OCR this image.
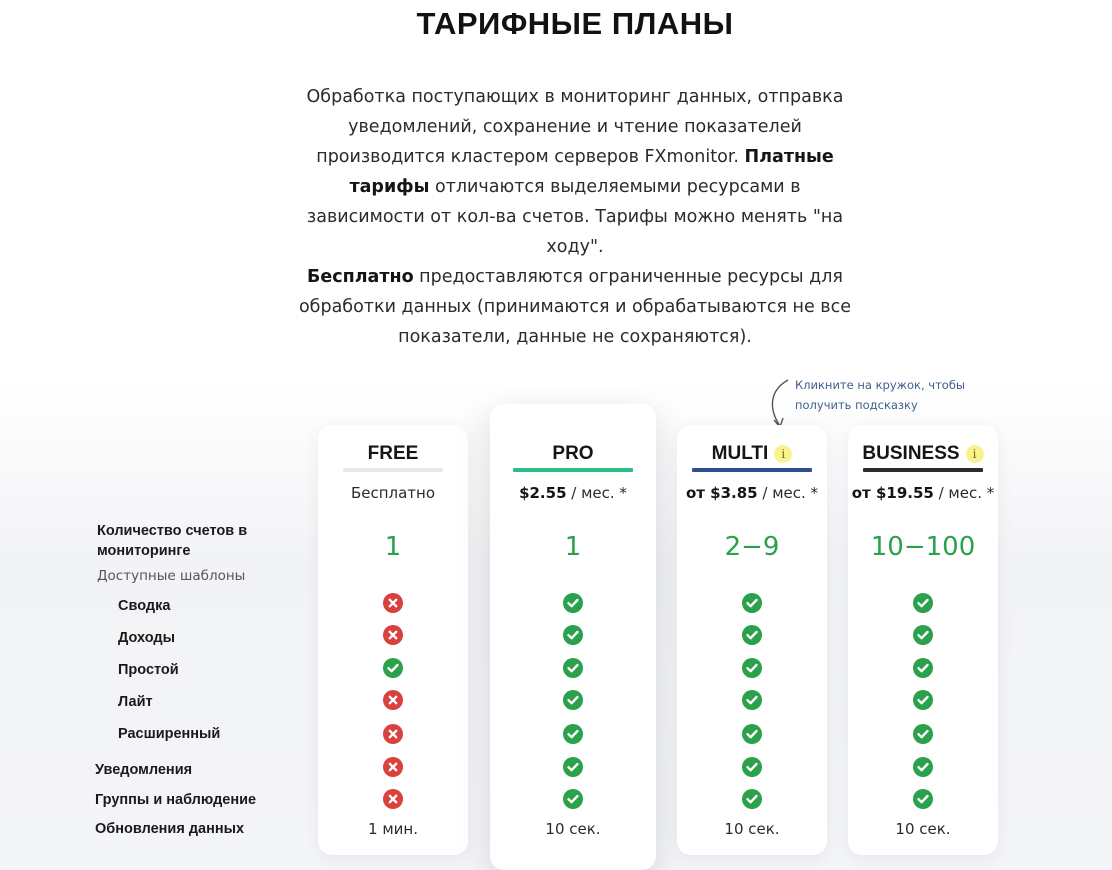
ТАРИФНЫЕ ПЛАНЫ
Обработка поступающих в мониторинг данных, отправка уведомлений, сохранение и чтение показателей производится кластером серверов FXmonitor. Платные тарифы отличаются выделяемыми ресурсами в зависимости от кол-ва счетов. Тарифы можно менять "на ходу".
Бесплатно предоставляются ограниченные ресурсы для обработки данных (принимаются и обрабатываются не все показатели, данные не сохраняются).
Кликните на кружок, чтобы получить подсказку
FREE
Бесплатно
1
1 мин.
PRO
$2.55 / мес. *
1
10 сек.
MULTI i
от $3.85 / мес. *
2−9
10 сек.
BUSINESS i
от $19.55 / мес. *
10−100
10 сек.
Количество счетов в мониторинге
Доступные шаблоны
Сводка
Доходы
Простой
Лайт
Расширенный
Уведомления
Группы и наблюдение
Обновления данных
